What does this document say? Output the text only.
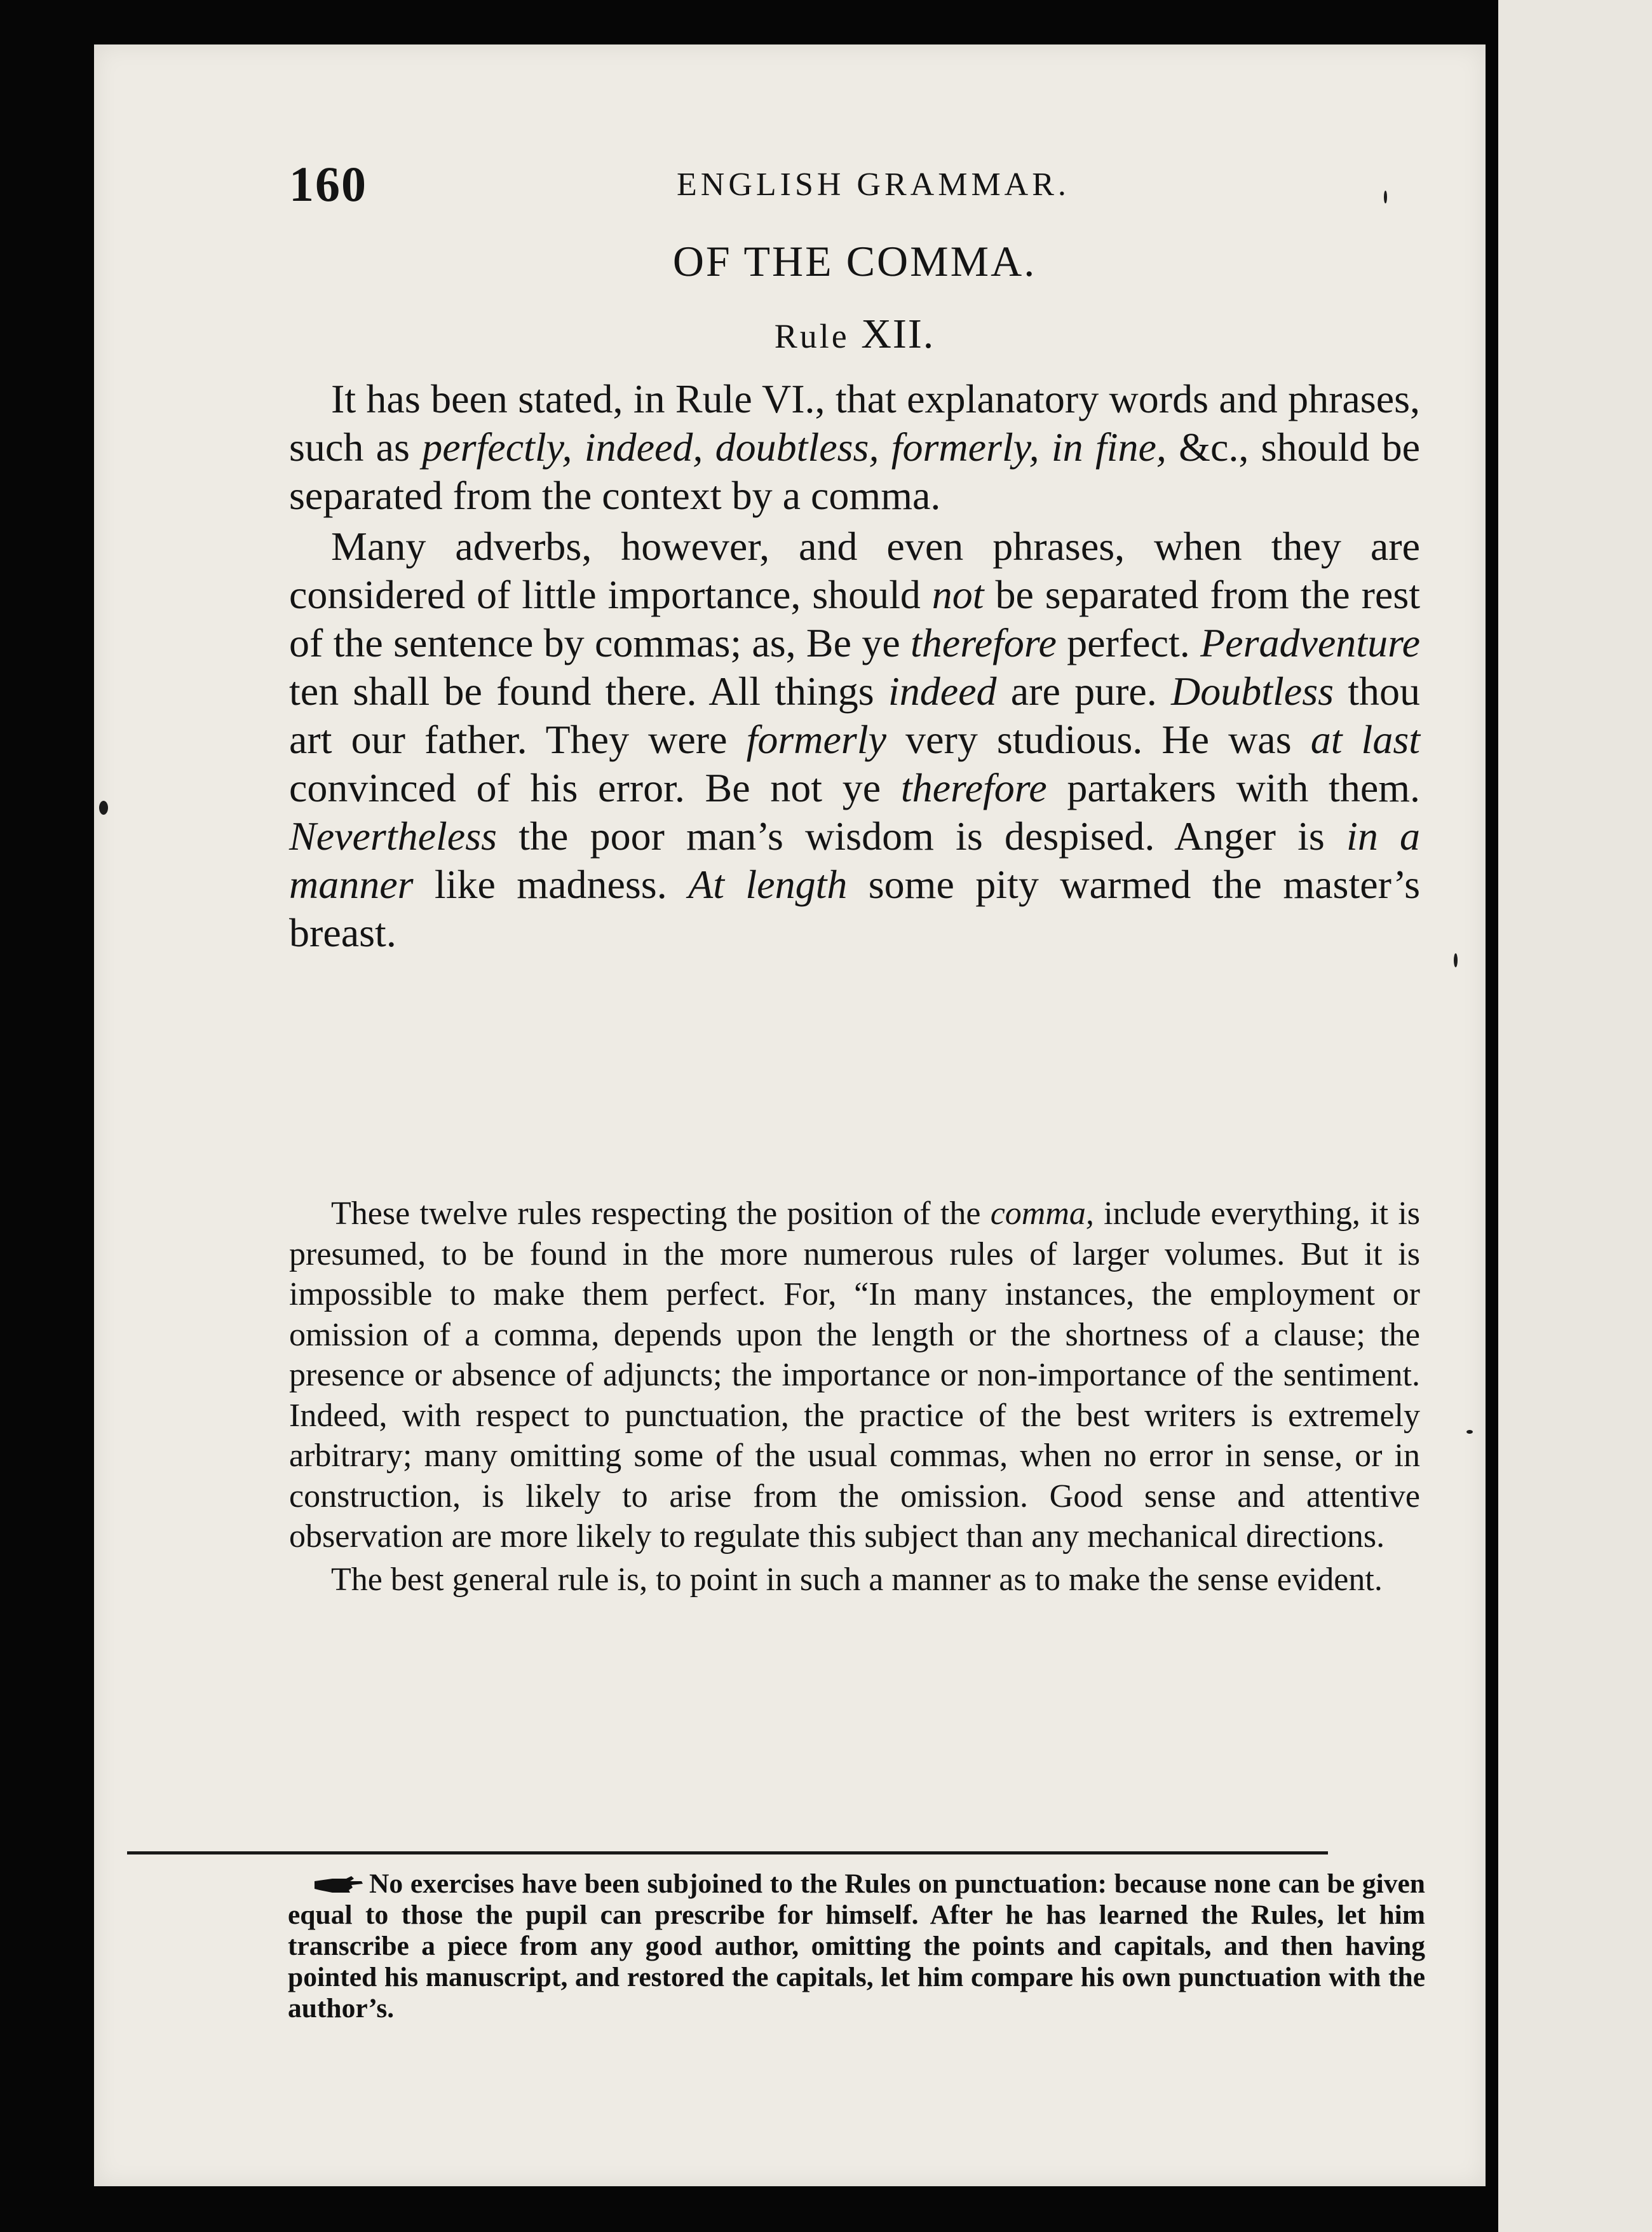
160	ENGLISH GRAMMAR.
OF THE COMMA.
Rule XII.

It has been stated, in Rule VI., that explanatory words and phrases, such as perfectly, indeed, doubtless, formerly, in fine, &c., should be separated from the context by a comma.

Many adverbs, however, and even phrases, when they are considered of little importance, should not be separated from the rest of the sentence by commas; as, Be ye therefore perfect. Peradventure ten shall be found there. All things indeed are pure. Doubtless thou art our father. They were formerly very studious. He was at last convinced of his error. Be not ye therefore partakers with them. Nevertheless the poor man’s wisdom is despised. Anger is in a manner like madness. At length some pity warmed the master’s breast.

These twelve rules respecting the position of the comma, include everything, it is presumed, to be found in the more numerous rules of larger volumes. But it is impossible to make them perfect. For, “In many instances, the employment or omission of a comma, depends upon the length or the shortness of a clause; the presence or absence of adjuncts; the importance or non-importance of the sentiment. Indeed, with respect to punctuation, the practice of the best writers is extremely arbitrary; many omitting some of the usual commas, when no error in sense, or in construction, is likely to arise from the omission. Good sense and attentive observation are more likely to regulate this subject than any mechanical directions.

The best general rule is, to point in such a manner as to make the sense evident.

No exercises have been subjoined to the Rules on punctuation: because none can be given equal to those the pupil can prescribe for himself. After he has learned the Rules, let him transcribe a piece from any good author, omitting the points and capitals, and then having pointed his manuscript, and restored the capitals, let him compare his own punctuation with the author’s.
